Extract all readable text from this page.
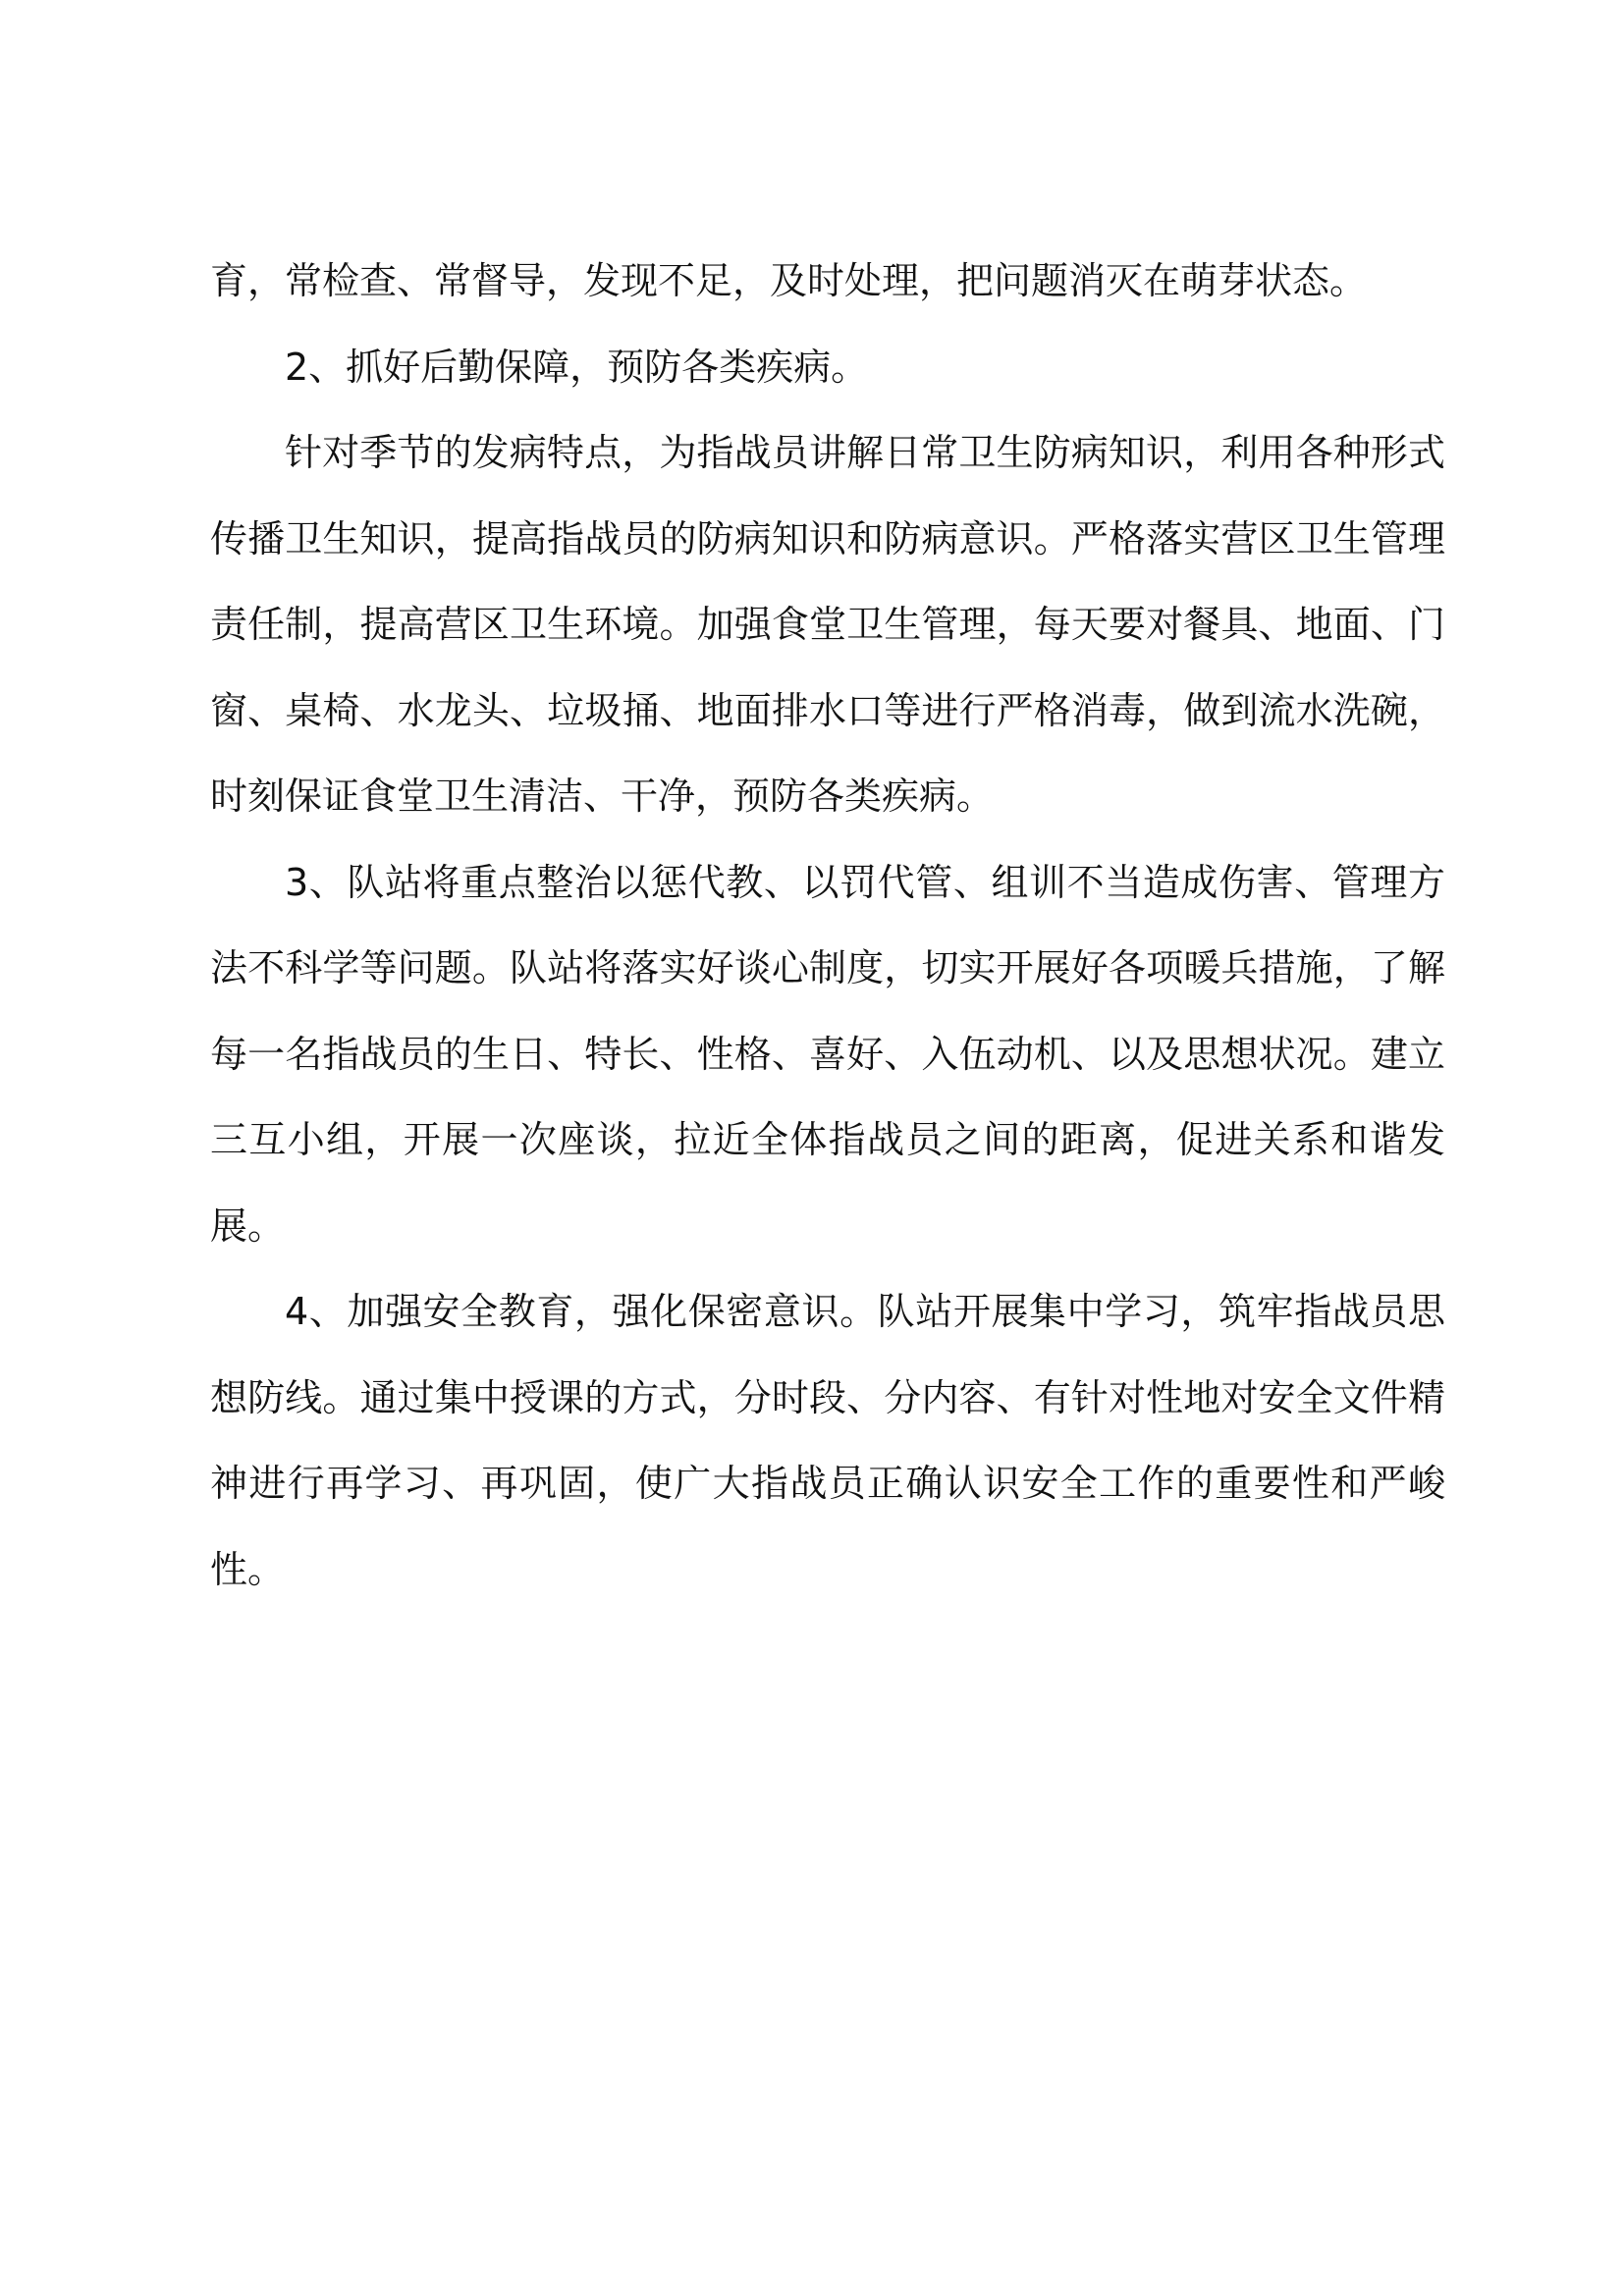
育，常检查、常督导，发现不足，及时处理，把问题消灭在萌芽状态。

2、抓好后勤保障，预防各类疾病。

针对季节的发病特点，为指战员讲解日常卫生防病知识，利用各种形式传播卫生知识，提高指战员的防病知识和防病意识。严格落实营区卫生管理责任制，提高营区卫生环境。加强食堂卫生管理，每天要对餐具、地面、门窗、桌椅、水龙头、垃圾捅、地面排水口等进行严格消毒，做到流水洗碗，时刻保证食堂卫生清洁、干净，预防各类疾病。

3、队站将重点整治以惩代教、以罚代管、组训不当造成伤害、管理方法不科学等问题。队站将落实好谈心制度，切实开展好各项暖兵措施，了解每一名指战员的生日、特长、性格、喜好、入伍动机、以及思想状况。建立三互小组，开展一次座谈，拉近全体指战员之间的距离，促进关系和谐发展。

4、加强安全教育，强化保密意识。队站开展集中学习，筑牢指战员思想防线。通过集中授课的方式，分时段、分内容、有针对性地对安全文件精神进行再学习、再巩固，使广大指战员正确认识安全工作的重要性和严峻性。
